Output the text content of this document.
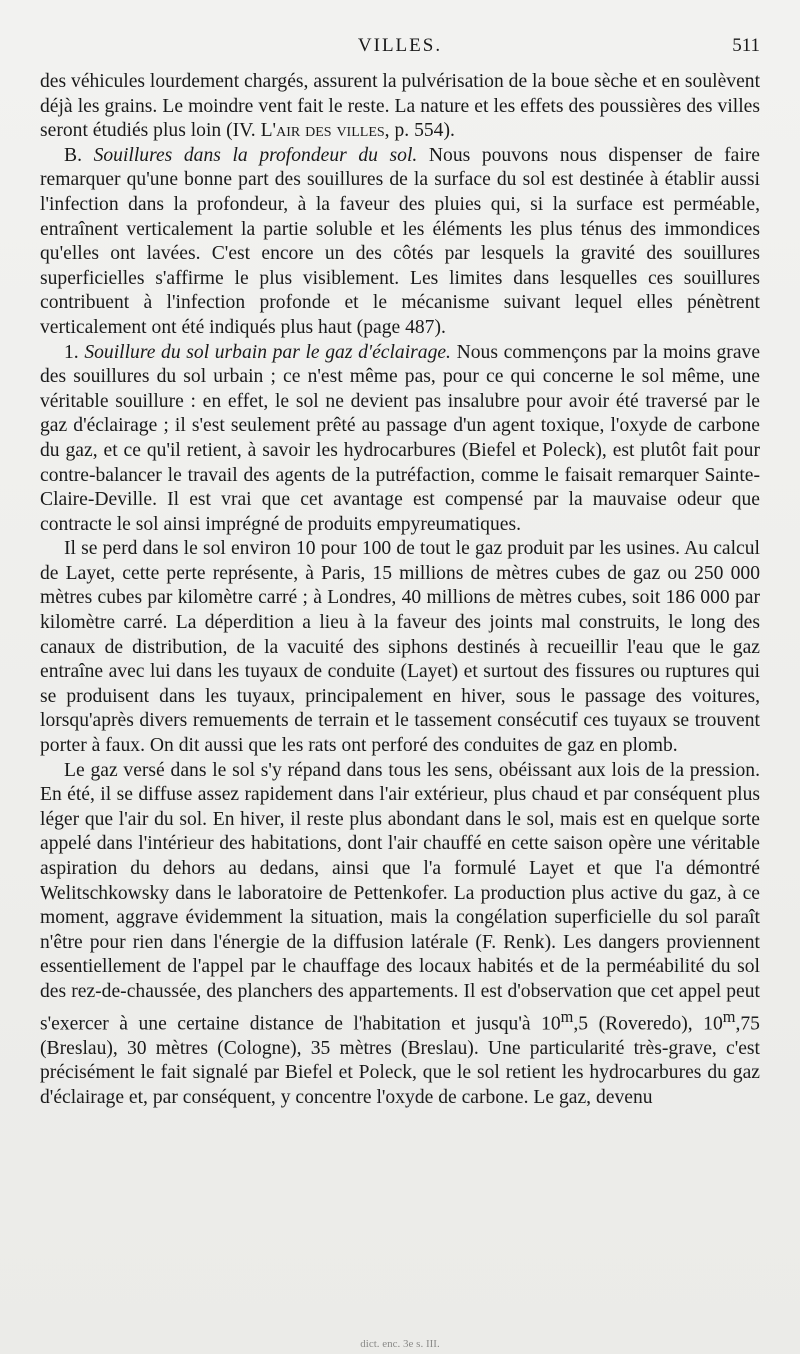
VILLES.	511

des véhicules lourdement chargés, assurent la pulvérisation de la boue sèche et en soulèvent déjà les grains. Le moindre vent fait le reste. La nature et les effets des poussières des villes seront étudiés plus loin (IV. L'air des villes, p. 554).

B. Souillures dans la profondeur du sol. Nous pouvons nous dispenser de faire remarquer qu'une bonne part des souillures de la surface du sol est destinée à établir aussi l'infection dans la profondeur, à la faveur des pluies qui, si la surface est perméable, entraînent verticalement la partie soluble et les éléments les plus ténus des immondices qu'elles ont lavées. C'est encore un des côtés par lesquels la gravité des souillures superficielles s'affirme le plus visiblement. Les limites dans lesquelles ces souillures contribuent à l'infection profonde et le mécanisme suivant lequel elles pénètrent verticalement ont été indiqués plus haut (page 487).

1. Souillure du sol urbain par le gaz d'éclairage. Nous commençons par la moins grave des souillures du sol urbain ; ce n'est même pas, pour ce qui concerne le sol même, une véritable souillure : en effet, le sol ne devient pas insalubre pour avoir été traversé par le gaz d'éclairage ; il s'est seulement prêté au passage d'un agent toxique, l'oxyde de carbone du gaz, et ce qu'il retient, à savoir les hydrocarbures (Biefel et Poleck), est plutôt fait pour contre-balancer le travail des agents de la putréfaction, comme le faisait remarquer Sainte-Claire-Deville. Il est vrai que cet avantage est compensé par la mauvaise odeur que contracte le sol ainsi imprégné de produits empyreumatiques.

Il se perd dans le sol environ 10 pour 100 de tout le gaz produit par les usines. Au calcul de Layet, cette perte représente, à Paris, 15 millions de mètres cubes de gaz ou 250 000 mètres cubes par kilomètre carré ; à Londres, 40 millions de mètres cubes, soit 186 000 par kilomètre carré. La déperdition a lieu à la faveur des joints mal construits, le long des canaux de distribution, de la vacuité des siphons destinés à recueillir l'eau que le gaz entraîne avec lui dans les tuyaux de conduite (Layet) et surtout des fissures ou ruptures qui se produisent dans les tuyaux, principalement en hiver, sous le passage des voitures, lorsqu'après divers remuements de terrain et le tassement consécutif ces tuyaux se trouvent porter à faux. On dit aussi que les rats ont perforé des conduites de gaz en plomb.

Le gaz versé dans le sol s'y répand dans tous les sens, obéissant aux lois de la pression. En été, il se diffuse assez rapidement dans l'air extérieur, plus chaud et par conséquent plus léger que l'air du sol. En hiver, il reste plus abondant dans le sol, mais est en quelque sorte appelé dans l'intérieur des habitations, dont l'air chauffé en cette saison opère une véritable aspiration du dehors au dedans, ainsi que l'a formulé Layet et que l'a démontré Welitschkowsky dans le laboratoire de Pettenkofer. La production plus active du gaz, à ce moment, aggrave évidemment la situation, mais la congélation superficielle du sol paraît n'être pour rien dans l'énergie de la diffusion latérale (F. Renk). Les dangers proviennent essentiellement de l'appel par le chauffage des locaux habités et de la perméabilité du sol des rez-de-chaussée, des planchers des appartements. Il est d'observation que cet appel peut s'exercer à une certaine distance de l'habitation et jusqu'à 10$^m$,5 (Roveredo), 10$^m$,75 (Breslau), 30 mètres (Cologne), 35 mètres (Breslau). Une particularité très-grave, c'est précisément le fait signalé par Biefel et Poleck, que le sol retient les hydrocarbures du gaz d'éclairage et, par conséquent, y concentre l'oxyde de carbone. Le gaz, devenu

dict. enc. 3e s. III.
